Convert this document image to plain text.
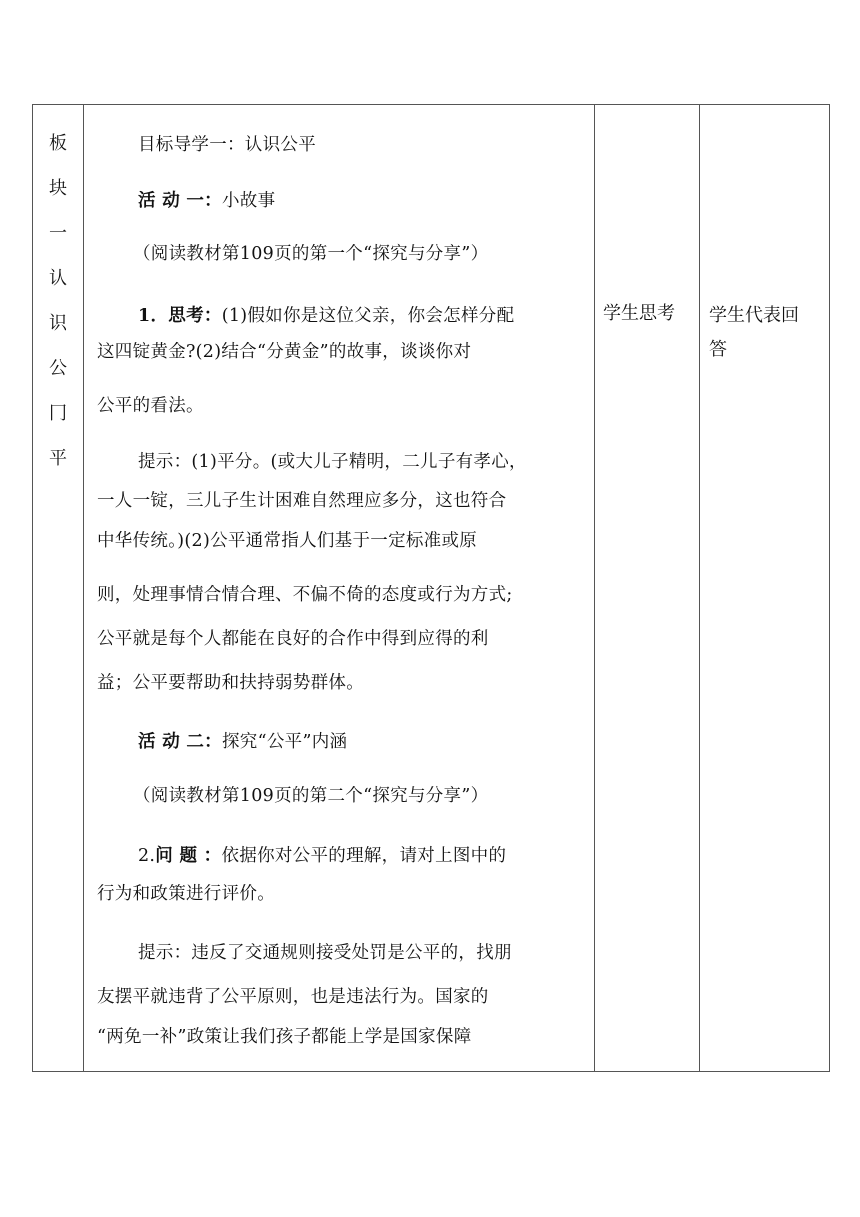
板
块
一
认
识
公
冂
平
目标导学一：认识公平
活 动 一：小故事
（阅读教材第109页的第一个“探究与分享”）
1．思考：(1)假如你是这位父亲，你会怎样分配
这四锭黄金?(2)结合“分黄金”的故事，谈谈你对
公平的看法。
提示：(1)平分。(或大儿子精明，二儿子有孝心，
一人一锭，三儿子生计困难自然理应多分，这也符合
中华传统。)(2)公平通常指人们基于一定标准或原
则，处理事情合情合理、不偏不倚的态度或行为方式;
公平就是每个人都能在良好的合作中得到应得的利
益；公平要帮助和扶持弱势群体。
活 动 二：探究“公平”内涵
（阅读教材第109页的第二个“探究与分享”）
2.问 题 ：依据你对公平的理解，请对上图中的
行为和政策进行评价。
提示：违反了交通规则接受处罚是公平的，找朋
友摆平就违背了公平原则，也是违法行为。国家的
“两免一补”政策让我们孩子都能上学是国家保障
学生思考 学生代表回
答
